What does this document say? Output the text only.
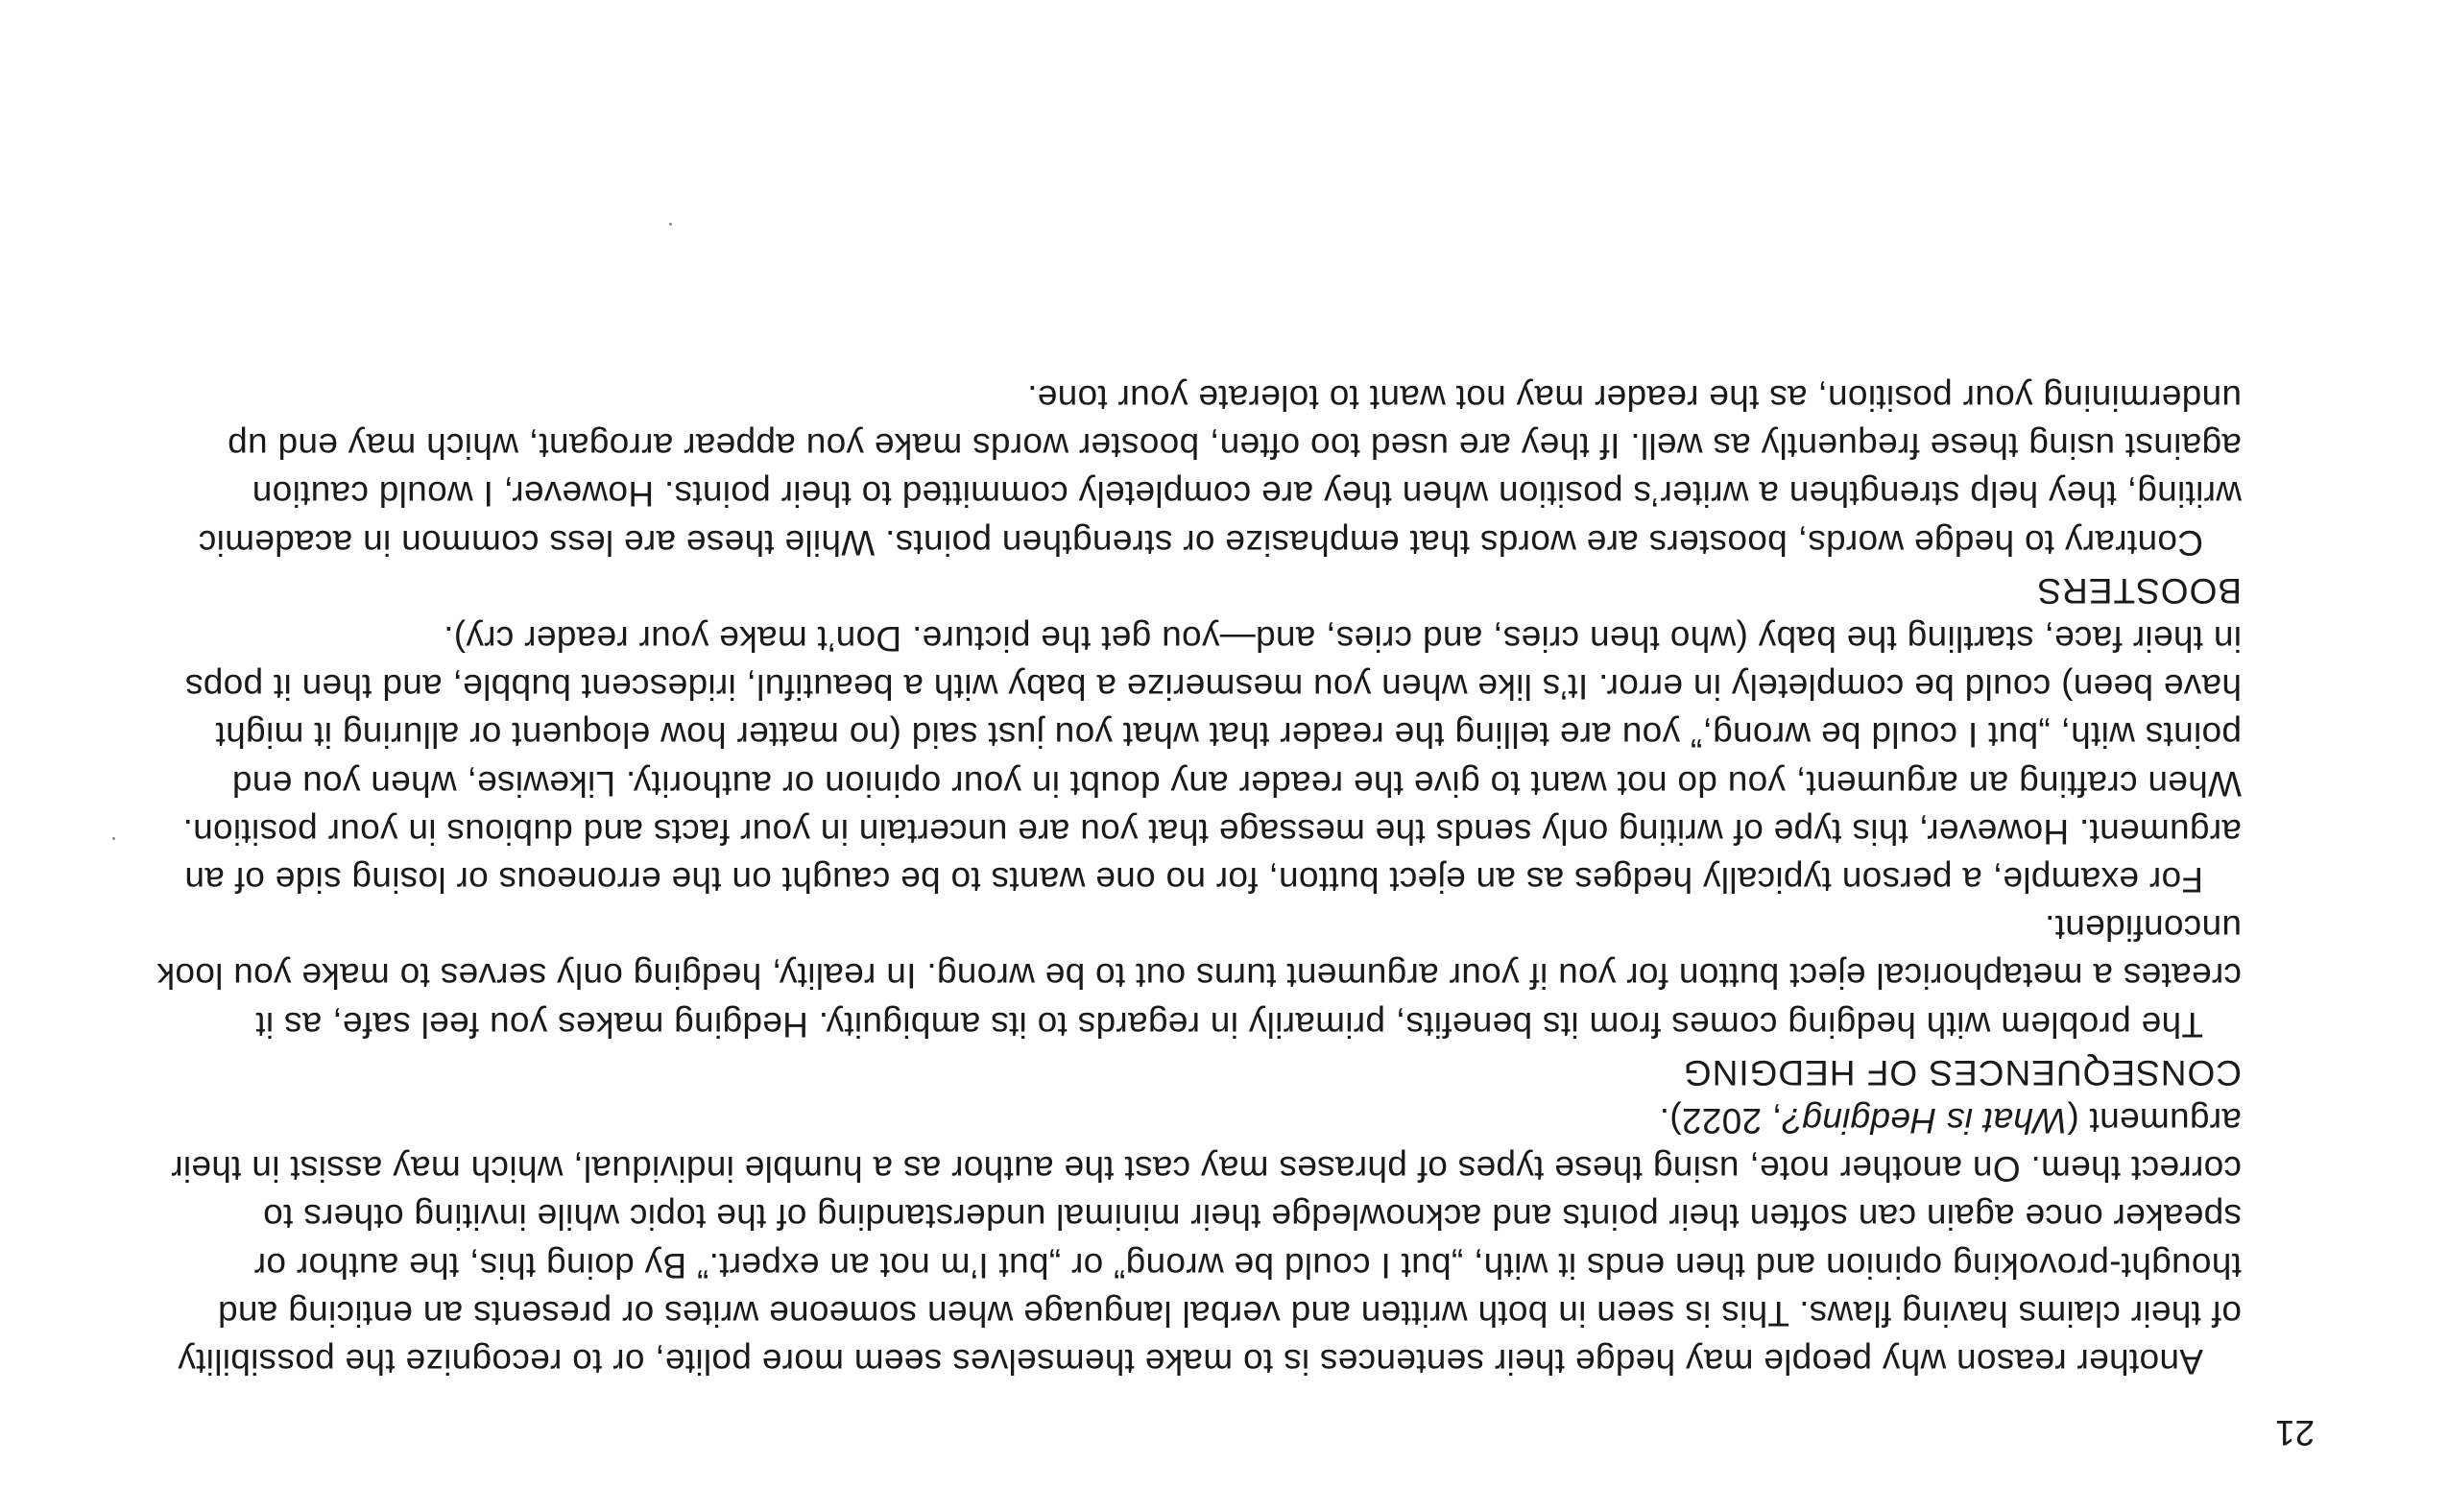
Another reason why people may hedge their sentences is to make themselves seem more polite, or to recognize the possibility of their claims having flaws. This is seen in both written and verbal language when someone writes or presents an enticing and thought-provoking opinion and then ends it with, „but I could be wrong” or „but I’m not an expert.” By doing this, the author or speaker once again can soften their points and acknowledge their minimal understanding of the topic while inviting others to correct them. On another note, using these types of phrases may cast the author as a humble individual, which may assist in their argument (What is Hedging?, 2022).

CONSEQUENCES OF HEDGING

The problem with hedging comes from its benefits, primarily in regards to its ambiguity. Hedging makes you feel safe, as it creates a metaphorical eject button for you if your argument turns out to be wrong. In reality, hedging only serves to make you look unconfident.

For example, a person typically hedges as an eject button, for no one wants to be caught on the erroneous or losing side of an argument. However, this type of writing only sends the message that you are uncertain in your facts and dubious in your position. When crafting an argument, you do not want to give the reader any doubt in your opinion or authority. Likewise, when you end points with, „but I could be wrong,” you are telling the reader that what you just said (no matter how eloquent or alluring it might have been) could be completely in error. It’s like when you mesmerize a baby with a beautiful, iridescent bubble, and then it pops in their face, startling the baby (who then cries, and cries, and—you get the picture. Don’t make your reader cry).

BOOSTERS

Contrary to hedge words, boosters are words that emphasize or strengthen points. While these are less common in academic writing, they help strengthen a writer’s position when they are completely committed to their points. However, I would caution against using these frequently as well. If they are used too often, booster words make you appear arrogant, which may end up undermining your position, as the reader may not want to tolerate your tone.

21
